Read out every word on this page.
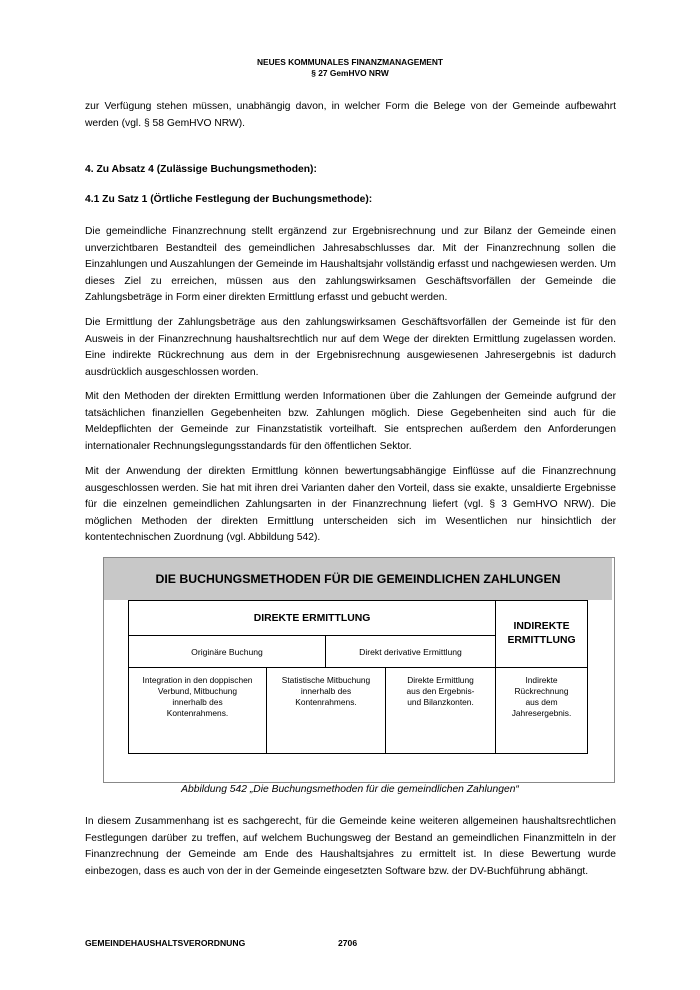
NEUES KOMMUNALES FINANZMANAGEMENT
§ 27 GemHVO NRW
zur Verfügung stehen müssen, unabhängig davon, in welcher Form die Belege von der Gemeinde aufbewahrt werden (vgl. § 58 GemHVO NRW).
4. Zu Absatz 4 (Zulässige Buchungsmethoden):
4.1 Zu Satz 1 (Örtliche Festlegung der Buchungsmethode):
Die gemeindliche Finanzrechnung stellt ergänzend zur Ergebnisrechnung und zur Bilanz der Gemeinde einen unverzichtbaren Bestandteil des gemeindlichen Jahresabschlusses dar. Mit der Finanzrechnung sollen die Einzahlungen und Auszahlungen der Gemeinde im Haushaltsjahr vollständig erfasst und nachgewiesen werden. Um dieses Ziel zu erreichen, müssen aus den zahlungswirksamen Geschäftsvorfällen der Gemeinde die Zahlungsbeträge in Form einer direkten Ermittlung erfasst und gebucht werden.
Die Ermittlung der Zahlungsbeträge aus den zahlungswirksamen Geschäftsvorfällen der Gemeinde ist für den Ausweis in der Finanzrechnung haushaltsrechtlich nur auf dem Wege der direkten Ermittlung zugelassen worden. Eine indirekte Rückrechnung aus dem in der Ergebnisrechnung ausgewiesenen Jahresergebnis ist dadurch ausdrücklich ausgeschlossen worden.
Mit den Methoden der direkten Ermittlung werden Informationen über die Zahlungen der Gemeinde aufgrund der tatsächlichen finanziellen Gegebenheiten bzw. Zahlungen möglich. Diese Gegebenheiten sind auch für die Meldepflichten der Gemeinde zur Finanzstatistik vorteilhaft. Sie entsprechen außerdem den Anforderungen internationaler Rechnungslegungsstandards für den öffentlichen Sektor.
Mit der Anwendung der direkten Ermittlung können bewertungsabhängige Einflüsse auf die Finanzrechnung ausgeschlossen werden. Sie hat mit ihren drei Varianten daher den Vorteil, dass sie exakte, unsaldierte Ergebnisse für die einzelnen gemeindlichen Zahlungsarten in der Finanzrechnung liefert (vgl. § 3 GemHVO NRW). Die möglichen Methoden der direkten Ermittlung unterscheiden sich im Wesentlichen nur hinsichtlich der kontentechnischen Zuordnung (vgl. Abbildung 542).
DIE BUCHUNGSMETHODEN FÜR DIE GEMEINDLICHEN ZAHLUNGEN
DIREKTE ERMITTLUNG
INDIREKTE ERMITTLUNG
Originäre Buchung	Direkt derivative Ermittlung
Integration in den doppischen Verbund, Mitbuchung innerhalb des Kontenrahmens.
Statistische Mitbuchung innerhalb des Kontenrahmens.
Direkte Ermittlung aus den Ergebnis- und Bilanzkonten.
Indirekte Rückrechnung aus dem Jahresergebnis.
Abbildung 542 „Die Buchungsmethoden für die gemeindlichen Zahlungen“
In diesem Zusammenhang ist es sachgerecht, für die Gemeinde keine weiteren allgemeinen haushaltsrechtlichen Festlegungen darüber zu treffen, auf welchem Buchungsweg der Bestand an gemeindlichen Finanzmitteln in der Finanzrechnung der Gemeinde am Ende des Haushaltsjahres zu ermittelt ist. In diese Bewertung wurde einbezogen, dass es auch von der in der Gemeinde eingesetzten Software bzw. der DV-Buchführung abhängt.
GEMEINDEHAUSHALTSVERORDNUNG	2706
